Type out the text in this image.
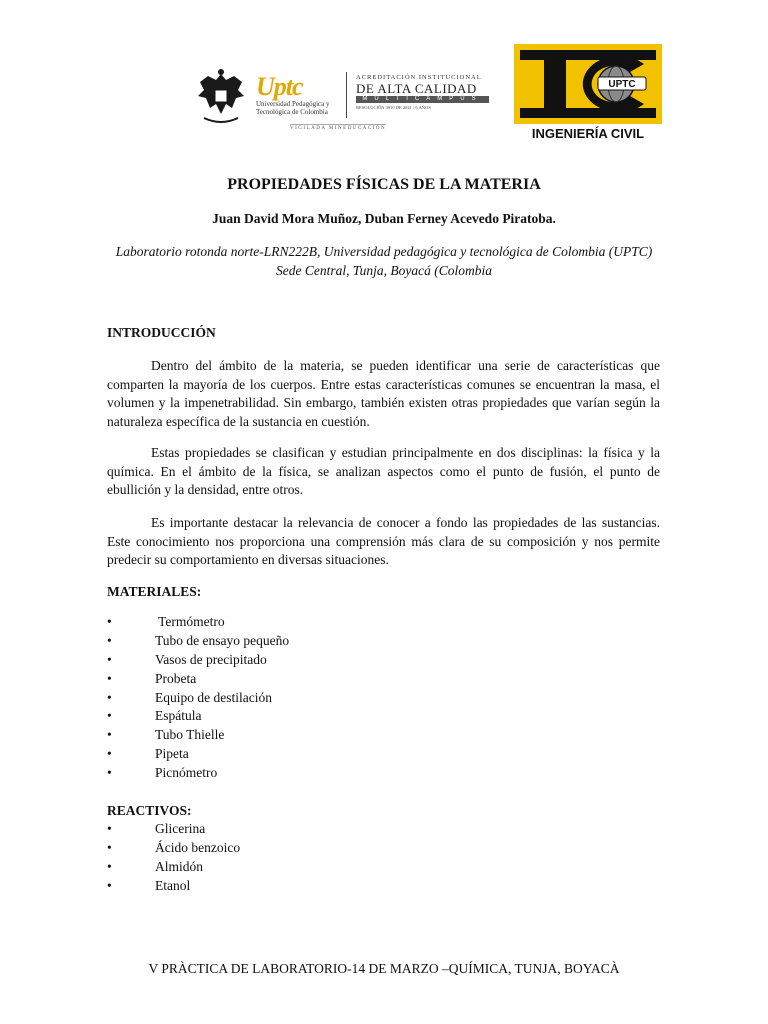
Uptc
Universidad Pedagógica y Tecnológica de Colombia
ACREDITACIÓN INSTITUCIONAL
DE ALTA CALIDAD
MULTICAMPUS
RESOLUCIÓN 3910 DE 2021 / 6 AÑOS
VIGILADA MINEDUCACIÓN
UPTC
INGENIERÍA CIVIL
PROPIEDADES FÍSICAS DE LA MATERIA
Juan David Mora Muñoz, Duban Ferney Acevedo Piratoba.
Laboratorio rotonda norte-LRN222B, Universidad pedagógica y tecnológica de Colombia (UPTC)
Sede Central, Tunja, Boyacá (Colombia
INTRODUCCIÓN

Dentro del ámbito de la materia, se pueden identificar una serie de características que comparten la mayoría de los cuerpos. Entre estas características comunes se encuentran la masa, el volumen y la impenetrabilidad. Sin embargo, también existen otras propiedades que varían según la naturaleza específica de la sustancia en cuestión.

Estas propiedades se clasifican y estudian principalmente en dos disciplinas: la física y la química. En el ámbito de la física, se analizan aspectos como el punto de fusión, el punto de ebullición y la densidad, entre otros.

Es importante destacar la relevancia de conocer a fondo las propiedades de las sustancias. Este conocimiento nos proporciona una comprensión más clara de su composición y nos permite predecir su comportamiento en diversas situaciones.

MATERIALES:
•	Termómetro
•	Tubo de ensayo pequeño
•	Vasos de precipitado
•	Probeta
•	Equipo de destilación
•	Espátula
•	Tubo Thielle
•	Pipeta
•	Picnómetro
REACTIVOS:
•	Glicerina
•	Ácido benzoico
•	Almidón
•	Etanol
V PRÀCTICA DE LABORATORIO-14 DE MARZO –QUÍMICA, TUNJA, BOYACÀ
